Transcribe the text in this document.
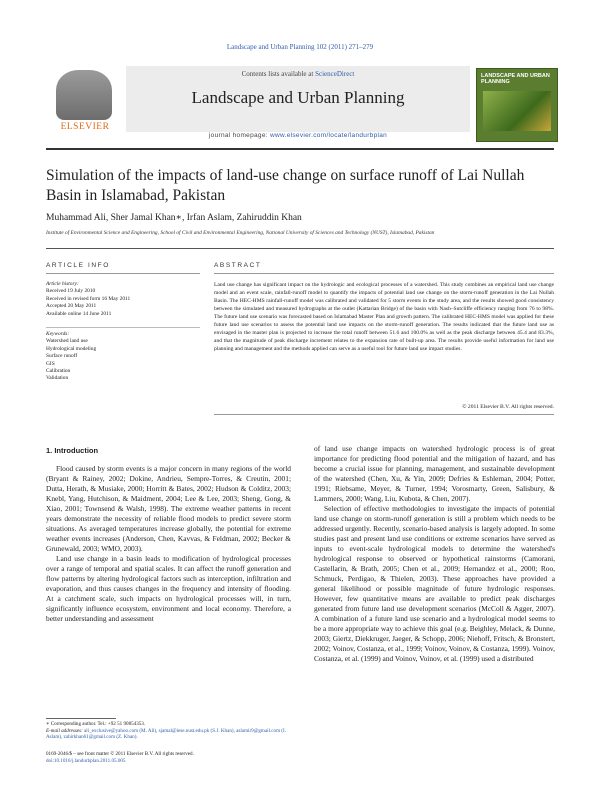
Landscape and Urban Planning 102 (2011) 271–279
ELSEVIER
Contents lists available at ScienceDirect
Landscape and Urban Planning
journal homepage: www.elsevier.com/locate/landurbplan
LANDSCAPE AND URBAN PLANNING
Simulation of the impacts of land-use change on surface runoff of Lai Nullah Basin in Islamabad, Pakistan
Muhammad Ali, Sher Jamal Khan∗, Irfan Aslam, Zahiruddin Khan
Institute of Environmental Science and Engineering, School of Civil and Environmental Engineering, National University of Sciences and Technology (NUST), Islamabad, Pakistan
ARTICLE INFO	ABSTRACT
Article history:
Received 19 July 2010
Received in revised form 16 May 2011
Accepted 20 May 2011
Available online 14 June 2011
Keywords:
Watershed land use
Hydrological modeling
Surface runoff
GIS
Calibration
Validation
Land use change has significant impact on the hydrologic and ecological processes of a watershed. This study combines an empirical land use change model and an event scale, rainfall-runoff model to quantify the impacts of potential land use change on the storm-runoff generation in the Lai Nullah Basin. The HEC-HMS rainfall-runoff model was calibrated and validated for 5 storm events in the study area, and the results showed good consistency between the simulated and measured hydrographs at the outlet (Kattarian Bridge) of the basin with Nash–Sutcliffe efficiency ranging from 76 to 98%. The future land use scenario was forecasted based on Islamabad Master Plan and growth pattern. The calibrated HEC-HMS model was applied for these future land use scenarios to assess the potential land use impacts on the storm-runoff generation. The results indicated that the future land use as envisaged in the master plan is projected to increase the total runoff between 51.6 and 100.0% as well as the peak discharge between 45.4 and 83.3%, and that the magnitude of peak discharge increment relates to the expansion rate of built-up area. The results provide useful information for land use planning and management and the methods applied can serve as a useful tool for future land use impact studies.
© 2011 Elsevier B.V. All rights reserved.
1. Introduction

Flood caused by storm events is a major concern in many regions of the world (Bryant & Rainey, 2002; Dokine, Andrieu, Sempre-Torres, & Creutin, 2001; Dutta, Herath, & Musiake, 2000; Horritt & Bates, 2002; Hudson & Colditz, 2003; Knebl, Yang, Hutchison, & Maidment, 2004; Lee & Lee, 2003; Sheng, Gong, & Xiao, 2001; Townsend & Walsh, 1998). The extreme weather patterns in recent years demonstrate the necessity of reliable flood models to predict severe storm situations. As averaged temperatures increase globally, the potential for extreme weather events increases (Anderson, Chen, Kavvas, & Feldman, 2002; Becker & Grunewald, 2003; WMO, 2003).

Land use change in a basin leads to modification of hydrological processes over a range of temporal and spatial scales. It can affect the runoff generation and flow patterns by altering hydrological factors such as interception, infiltration and evaporation, and thus causes changes in the frequency and intensity of flooding. At a catchment scale, such impacts on hydrological processes will, in turn, significantly influence ecosystem, environment and local economy. Therefore, a better understanding and assessment

of land use change impacts on watershed hydrologic process is of great importance for predicting flood potential and the mitigation of hazard, and has become a crucial issue for planning, management, and sustainable development of the watershed (Chen, Xu, & Yin, 2009; Defries & Eshleman, 2004; Potter, 1991; Riebsame, Meyer, & Turner, 1994; Vorosmarty, Green, Salisbury, & Lammers, 2000; Wang, Liu, Kubota, & Chen, 2007).

Selection of effective methodologies to investigate the impacts of potential land use change on storm-runoff generation is still a problem which needs to be addressed urgently. Recently, scenario-based analysis is largely adopted. In some studies past and present land use conditions or extreme scenarios have served as inputs to event-scale hydrological models to determine the watershed's hydrological response to observed or hypothetical rainstorms (Camorani, Castellarin, & Brath, 2005; Chen et al., 2009; Hernandez et al., 2000; Roo, Schmuck, Perdigao, & Thielen, 2003). These approaches have provided a general likelihood or possible magnitude of future hydrologic responses. However, few quantitative means are available to predict peak discharges generated from future land use development scenarios (McColl & Agger, 2007). A combination of a future land use scenario and a hydrological model seems to be a more appropriate way to achieve this goal (e.g. Beighley, Melack, & Dunne, 2003; Giertz, Diekkruger, Jaeger, & Schopp, 2006; Niehoff, Fritsch, & Bronstert, 2002; Voinov, Costanza, et al., 1999; Voinov, Voinov, & Costanza, 1999). Voinov, Costanza, et al. (1999) and Voinov, Voinov, et al. (1999) used a distributed

∗ Corresponding author. Tel.: +92 51 90854353.
E-mail addresses: ali_exclusive@yahoo.com (M. Ali), sjamal@iese.nust.edu.pk (S.J. Khan), aslamir9@gmail.com (I. Aslam), zahirkhan61@gmail.com (Z. Khan).
0169-2046/$ – see front matter © 2011 Elsevier B.V. All rights reserved.
doi:10.1016/j.landurbplan.2011.05.005
